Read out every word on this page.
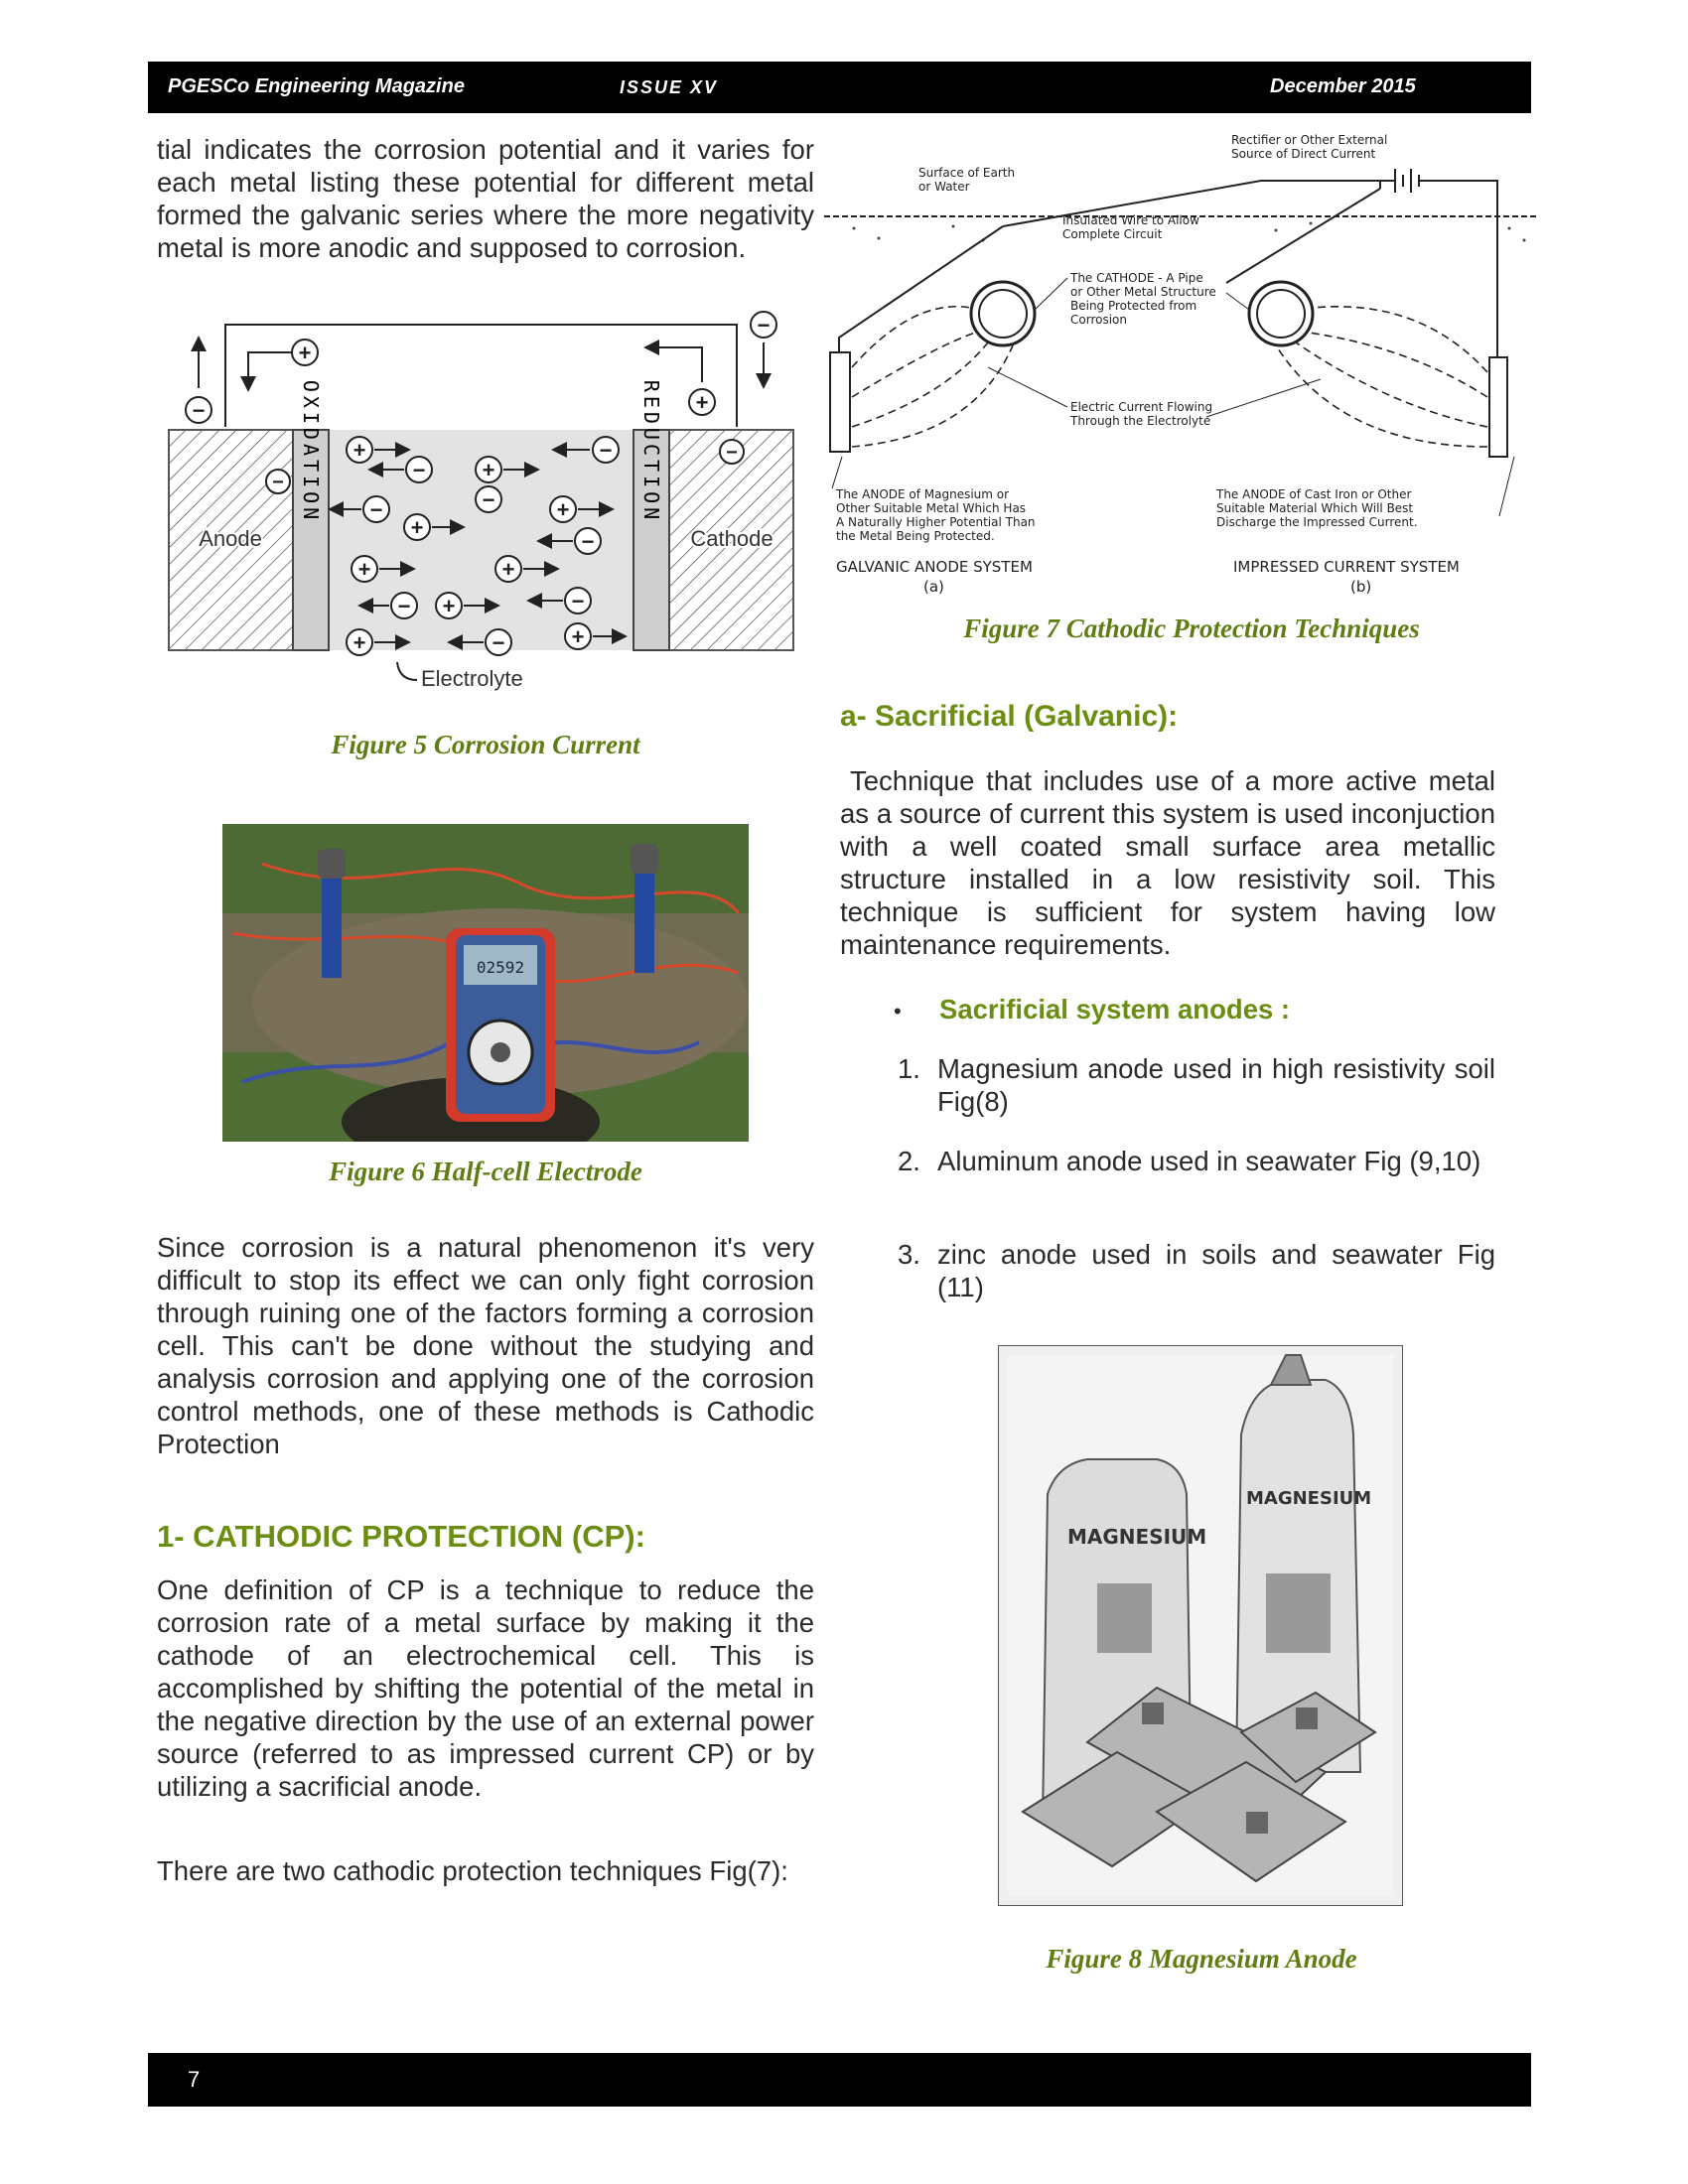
PGESCo Engineering Magazine	ISSUE XV	December 2015

tial indicates the corrosion potential and it varies for each metal listing these potential for different metal formed the galvanic series where the more negativity metal is more anodic and supposed to corrosion.

OXIDATION	REDUCTION
Anode	Cathode
+
−	+
−
−
−
+
−	+
−
−	−	+
+
−
+	+
− +	−
+	−	+
Electrolyte

Figure 5 Corrosion Current

02592

Figure 6 Half-cell Electrode

Since corrosion is a natural phenomenon it's very difficult to stop its effect we can only fight corrosion through ruining one of the factors forming a corrosion cell. This can't be done without the studying and analysis corrosion and applying one of the corrosion control methods, one of these methods is Cathodic Protection

1- CATHODIC PROTECTION (CP):

One definition of CP is a technique to reduce the corrosion rate of a metal surface by making it the cathode of an electrochemical cell. This is accomplished by shifting the potential of the metal in the negative direction by the use of an external power source (referred to as impressed current CP) or by utilizing a sacrificial anode.

There are two cathodic protection techniques Fig(7):

Rectifier or Other External
Source of Direct Current
Surface of Earth
or Water
Insulated Wire to Allow
Complete Circuit
The CATHODE - A Pipe
or Other Metal Structure
Being Protected from
Corrosion
Electric Current Flowing
Through the Electrolyte
The ANODE of Magnesium or
Other Suitable Metal Which Has
A Naturally Higher Potential Than
the Metal Being Protected.
The ANODE of Cast Iron or Other
Suitable Material Which Will Best
Discharge the Impressed Current.
GALVANIC ANODE SYSTEM
(a)
IMPRESSED CURRENT SYSTEM
(b)

Figure 7 Cathodic Protection Techniques

a- Sacrificial (Galvanic):

Technique that includes use of a more active metal as a source of current this system is used inconjuction with a well coated small surface area metallic structure installed in a low resistivity soil. This technique is sufficient for system having low maintenance requirements.

• Sacrificial system anodes :
1. Magnesium anode used in high resistivity soil Fig(8)
2. Aluminum anode used in seawater Fig (9,10)
3. zinc anode used in soils and seawater Fig (11)
MAGNESIUM
MAGNESIUM

Figure 8 Magnesium Anode

7
